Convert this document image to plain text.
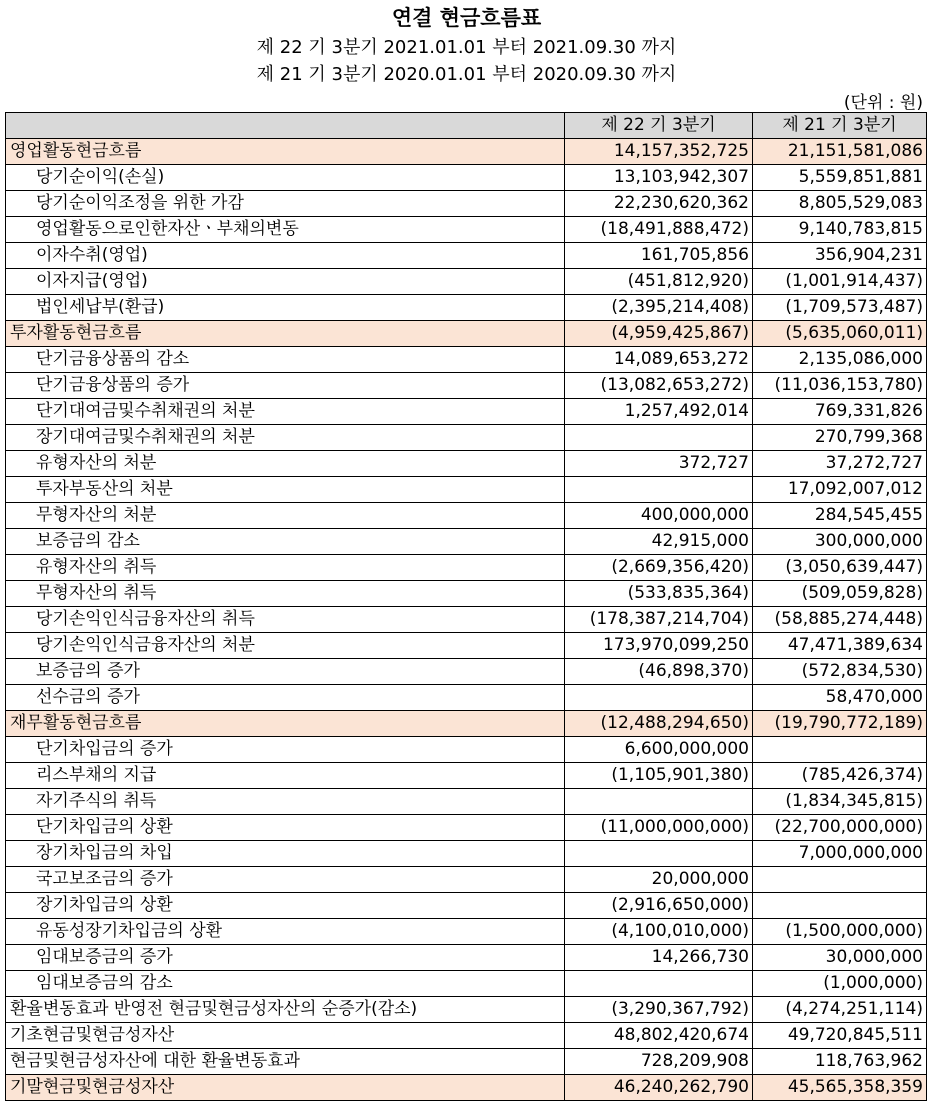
연결 현금흐름표
제 22 기 3분기 2021.01.01 부터 2021.09.30 까지
제 21 기 3분기 2020.01.01 부터 2020.09.30 까지
(단위 : 원)
	제 22 기 3분기	제 21 기 3분기
영업활동현금흐름	14,157,352,725	21,151,581,086
당기순이익(손실)	13,103,942,307	5,559,851,881
당기순이익조정을 위한 가감	22,230,620,362	8,805,529,083
영업활동으로인한자산ㆍ부채의변동	(18,491,888,472)	9,140,783,815
이자수취(영업)	161,705,856	356,904,231
이자지급(영업)	(451,812,920)	(1,001,914,437)
법인세납부(환급)	(2,395,214,408)	(1,709,573,487)
투자활동현금흐름	(4,959,425,867)	(5,635,060,011)
단기금융상품의 감소	14,089,653,272	2,135,086,000
단기금융상품의 증가	(13,082,653,272)	(11,036,153,780)
단기대여금및수취채권의 처분	1,257,492,014	769,331,826
장기대여금및수취채권의 처분		270,799,368
유형자산의 처분	372,727	37,272,727
투자부동산의 처분		17,092,007,012
무형자산의 처분	400,000,000	284,545,455
보증금의 감소	42,915,000	300,000,000
유형자산의 취득	(2,669,356,420)	(3,050,639,447)
무형자산의 취득	(533,835,364)	(509,059,828)
당기손익인식금융자산의 취득	(178,387,214,704)	(58,885,274,448)
당기손익인식금융자산의 처분	173,970,099,250	47,471,389,634
보증금의 증가	(46,898,370)	(572,834,530)
선수금의 증가		58,470,000
재무활동현금흐름	(12,488,294,650)	(19,790,772,189)
단기차입금의 증가	6,600,000,000	
리스부채의 지급	(1,105,901,380)	(785,426,374)
자기주식의 취득		(1,834,345,815)
단기차입금의 상환	(11,000,000,000)	(22,700,000,000)
장기차입금의 차입		7,000,000,000
국고보조금의 증가	20,000,000	
장기차입금의 상환	(2,916,650,000)	
유동성장기차입금의 상환	(4,100,010,000)	(1,500,000,000)
임대보증금의 증가	14,266,730	30,000,000
임대보증금의 감소		(1,000,000)
환율변동효과 반영전 현금및현금성자산의 순증가(감소)	(3,290,367,792)	(4,274,251,114)
기초현금및현금성자산	48,802,420,674	49,720,845,511
현금및현금성자산에 대한 환율변동효과	728,209,908	118,763,962
기말현금및현금성자산	46,240,262,790	45,565,358,359
